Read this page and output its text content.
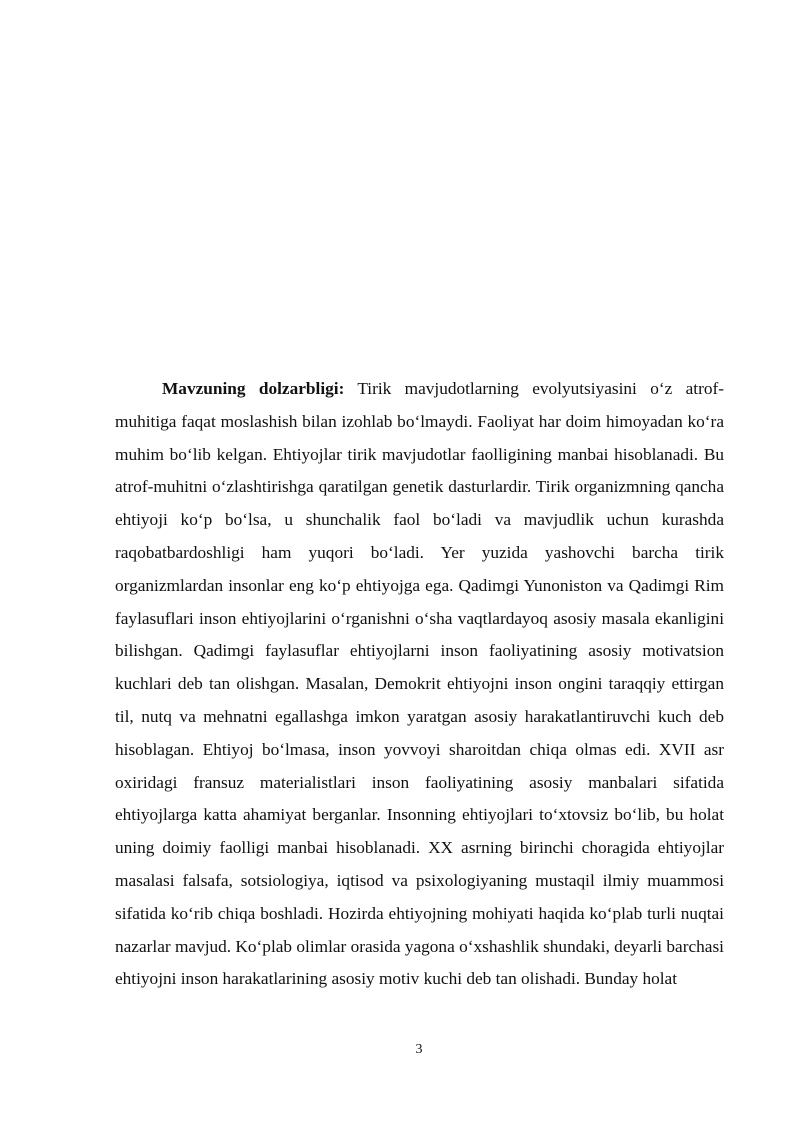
Mavzuning dolzarbligi: Tirik mavjudotlarning evolyutsiyasini o‘z atrof-muhitiga faqat moslashish bilan izohlab bo‘lmaydi. Faoliyat har doim himoyadan ko‘ra muhim bo‘lib kelgan. Ehtiyojlar tirik mavjudotlar faolligining manbai hisoblanadi. Bu atrof-muhitni o‘zlashtirishga qaratilgan genetik dasturlardir. Tirik organizmning qancha ehtiyoji ko‘p bo‘lsa, u shunchalik faol bo‘ladi va mavjudlik uchun kurashda raqobatbardoshligi ham yuqori bo‘ladi. Yer yuzida yashovchi barcha tirik organizmlardan insonlar eng ko‘p ehtiyojga ega. Qadimgi Yunoniston va Qadimgi Rim faylasuflari inson ehtiyojlarini o‘rganishni o‘sha vaqtlardayoq asosiy masala ekanligini bilishgan. Qadimgi faylasuflar ehtiyojlarni inson faoliyatining asosiy motivatsion kuchlari deb tan olishgan. Masalan, Demokrit ehtiyojni inson ongini taraqqiy ettirgan til, nutq va mehnatni egallashga imkon yaratgan asosiy harakatlantiruvchi kuch deb hisoblagan. Ehtiyoj bo‘lmasa, inson yovvoyi sharoitdan chiqa olmas edi. XVII asr oxiridagi fransuz materialistlari inson faoliyatining asosiy manbalari sifatida ehtiyojlarga katta ahamiyat berganlar. Insonning ehtiyojlari to‘xtovsiz bo‘lib, bu holat uning doimiy faolligi manbai hisoblanadi. XX asrning birinchi choragida ehtiyojlar masalasi falsafa, sotsiologiya, iqtisod va psixologiyaning mustaqil ilmiy muammosi sifatida ko‘rib chiqa boshladi. Hozirda ehtiyojning mohiyati haqida ko‘plab turli nuqtai nazarlar mavjud. Ko‘plab olimlar orasida yagona o‘xshashlik shundaki, deyarli barchasi ehtiyojni inson harakatlarining asosiy motiv kuchi deb tan olishadi. Bunday holat

3
